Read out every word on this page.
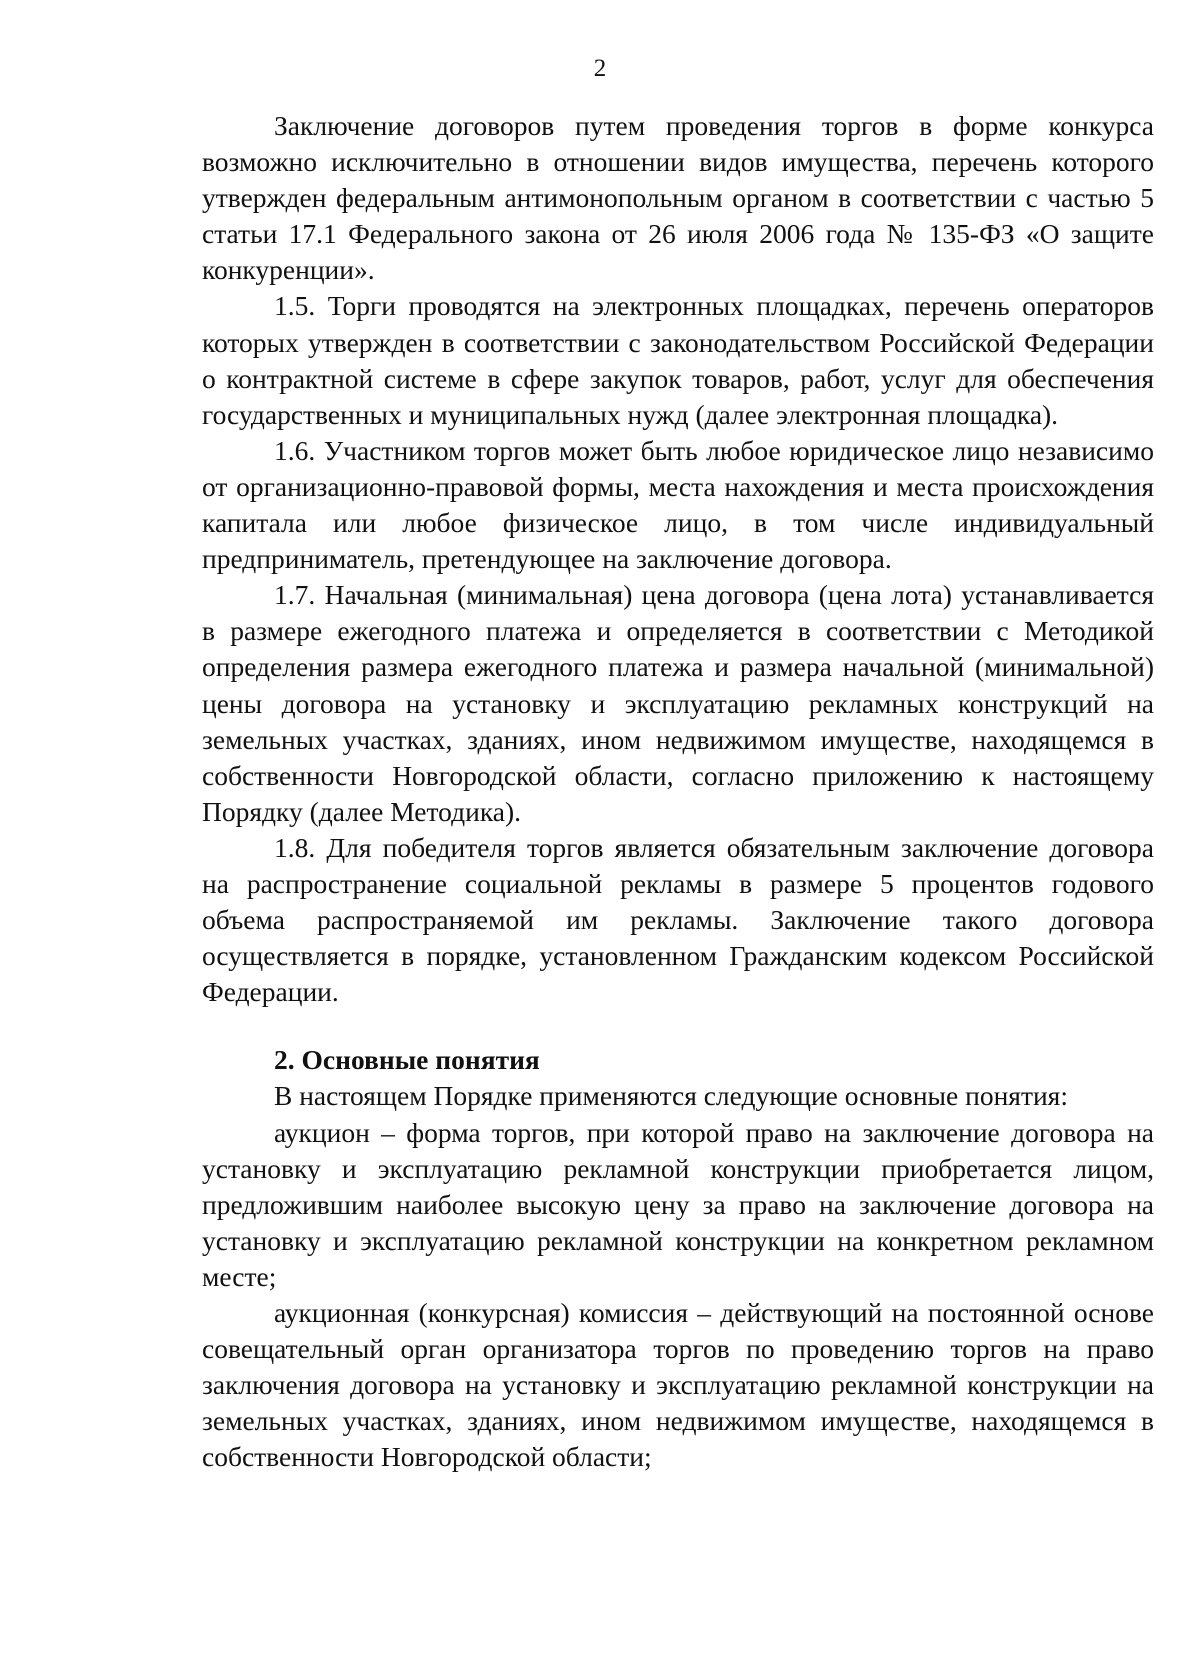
2

Заключение договоров путем проведения торгов в форме конкурса возможно исключительно в отношении видов имущества, перечень которого утвержден федеральным антимонопольным органом в соответствии с частью 5 статьи 17.1 Федерального закона от 26 июля 2006 года № 135-ФЗ «О защите конкуренции».

1.5. Торги проводятся на электронных площадках, перечень операторов которых утвержден в соответствии с законодательством Российской Федерации о контрактной системе в сфере закупок товаров, работ, услуг для обеспечения государственных и муниципальных нужд (далее электронная площадка).

1.6. Участником торгов может быть любое юридическое лицо независимо от организационно-правовой формы, места нахождения и места происхождения капитала или любое физическое лицо, в том числе индивидуальный предприниматель, претендующее на заключение договора.

1.7. Начальная (минимальная) цена договора (цена лота) устанавливается в размере ежегодного платежа и определяется в соответствии с Методикой определения размера ежегодного платежа и размера начальной (минимальной) цены договора на установку и эксплуатацию рекламных конструкций на земельных участках, зданиях, ином недвижимом имуществе, находящемся в собственности Новгородской области, согласно приложению к настоящему Порядку (далее Методика).

1.8. Для победителя торгов является обязательным заключение договора на распространение социальной рекламы в размере 5 процентов годового объема распространяемой им рекламы. Заключение такого договора осуществляется в порядке, установленном Гражданским кодексом Российской Федерации.

2. Основные понятия

В настоящем Порядке применяются следующие основные понятия:

аукцион – форма торгов, при которой право на заключение договора на установку и эксплуатацию рекламной конструкции приобретается лицом, предложившим наиболее высокую цену за право на заключение договора на установку и эксплуатацию рекламной конструкции на конкретном рекламном месте;

аукционная (конкурсная) комиссия – действующий на постоянной основе совещательный орган организатора торгов по проведению торгов на право заключения договора на установку и эксплуатацию рекламной конструкции на земельных участках, зданиях, ином недвижимом имуществе, находящемся в собственности Новгородской области;
